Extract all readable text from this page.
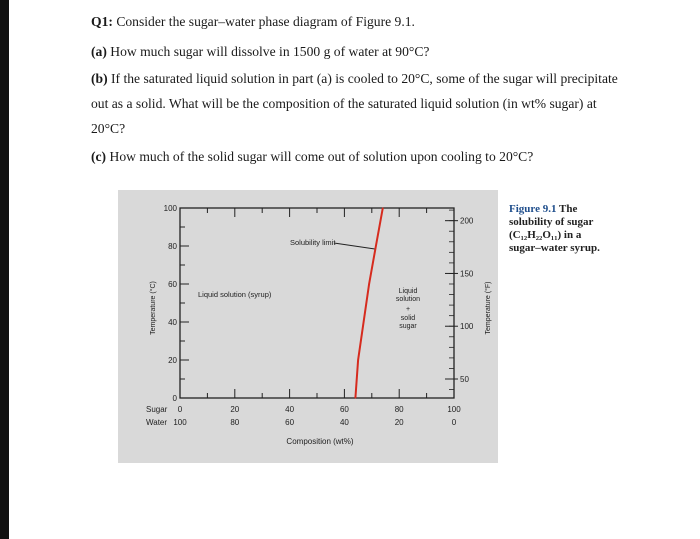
Q1: Consider the sugar–water phase diagram of Figure 9.1.
(a) How much sugar will dissolve in 1500 g of water at 90°C?
(b) If the saturated liquid solution in part (a) is cooled to 20°C, some of the sugar will precipitate
out as a solid. What will be the composition of the saturated liquid solution (in wt% sugar) at
20°C?
(c) How much of the solid sugar will come out of solution upon cooling to 20°C?
Temperature (°C)	Temperature (°F)
Composition (wt%)
Sugar
Water
Solubility limit
Liquid solution (syrup)	Liquid
solution
+
solid
sugar
0
20
40
60
80
100
50
100
150
200
0
100
20
80
40
60
60
40
80
20
100
0
Figure 9.1 The
solubility of sugar
(C₁₂H₂₂O₁₁) in a
sugar–water syrup.
